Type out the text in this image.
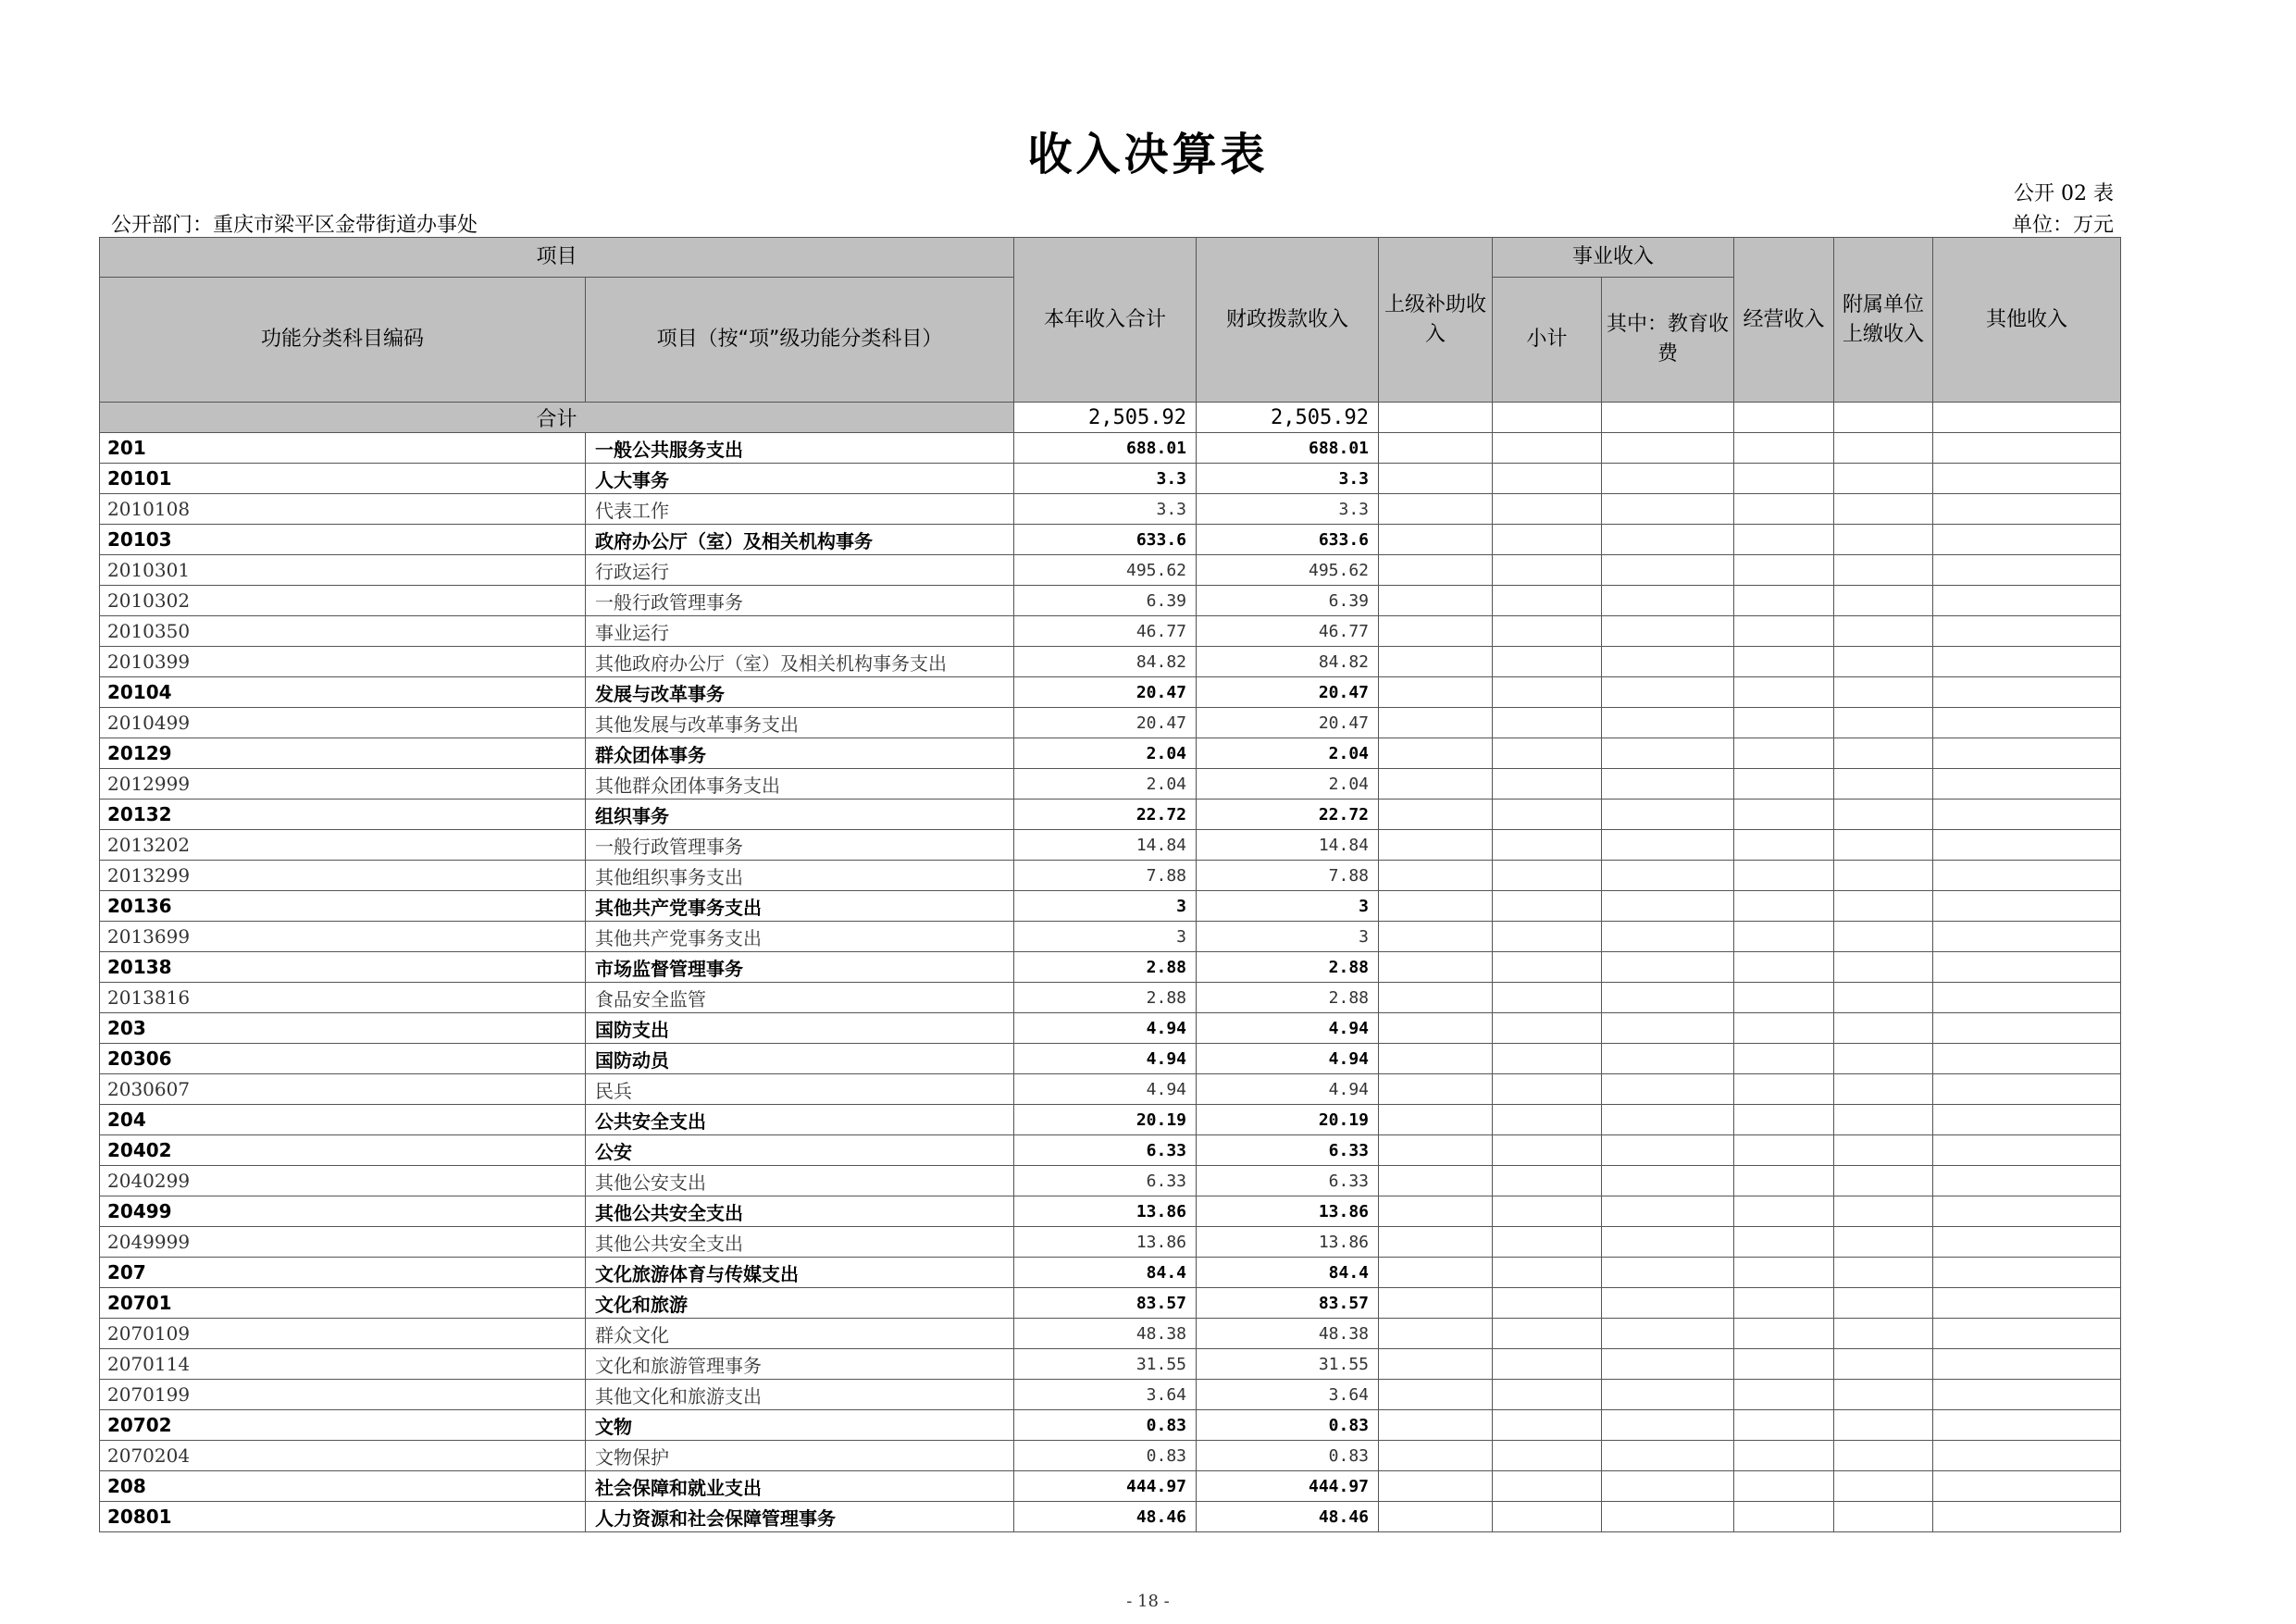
收入决算表
公开 02 表
公开部门：重庆市梁平区金带街道办事处	单位：万元
项目		本年收入合计	财政拨款收入	上级补助收入	事业收入		经营收入	附属单位上缴收入	其他收入
功能分类科目编码	项目（按“项”级功能分类科目）				小计	其中：教育收费			
合计		2,505.92	2,505.92						
201	一般公共服务支出	688.01	688.01						
20101	人大事务	3.3	3.3						
2010108	代表工作	3.3	3.3						
20103	政府办公厅（室）及相关机构事务	633.6	633.6						
2010301	行政运行	495.62	495.62						
2010302	一般行政管理事务	6.39	6.39						
2010350	事业运行	46.77	46.77						
2010399	其他政府办公厅（室）及相关机构事务支出	84.82	84.82						
20104	发展与改革事务	20.47	20.47						
2010499	其他发展与改革事务支出	20.47	20.47						
20129	群众团体事务	2.04	2.04						
2012999	其他群众团体事务支出	2.04	2.04						
20132	组织事务	22.72	22.72						
2013202	一般行政管理事务	14.84	14.84						
2013299	其他组织事务支出	7.88	7.88						
20136	其他共产党事务支出	3	3						
2013699	其他共产党事务支出	3	3						
20138	市场监督管理事务	2.88	2.88						
2013816	食品安全监管	2.88	2.88						
203	国防支出	4.94	4.94						
20306	国防动员	4.94	4.94						
2030607	民兵	4.94	4.94						
204	公共安全支出	20.19	20.19						
20402	公安	6.33	6.33						
2040299	其他公安支出	6.33	6.33						
20499	其他公共安全支出	13.86	13.86						
2049999	其他公共安全支出	13.86	13.86						
207	文化旅游体育与传媒支出	84.4	84.4						
20701	文化和旅游	83.57	83.57						
2070109	群众文化	48.38	48.38						
2070114	文化和旅游管理事务	31.55	31.55						
2070199	其他文化和旅游支出	3.64	3.64						
20702	文物	0.83	0.83						
2070204	文物保护	0.83	0.83						
208	社会保障和就业支出	444.97	444.97						
20801	人力资源和社会保障管理事务	48.46	48.46						
- 18 -
